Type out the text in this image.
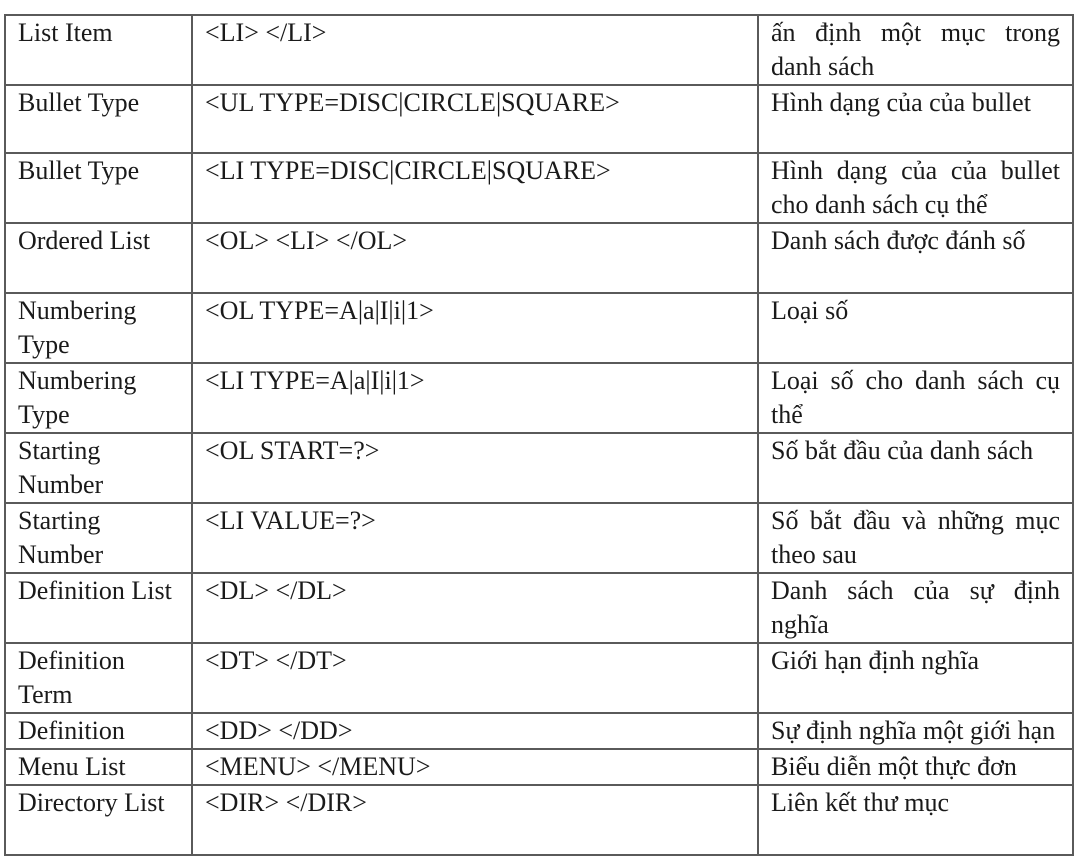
List Item	<LI> </LI>	ấn định một mục trong danh sách
Bullet Type	<UL TYPE=DISC|CIRCLE|SQUARE>	Hình dạng của của bullet
Bullet Type	<LI TYPE=DISC|CIRCLE|SQUARE>	Hình dạng của của bullet cho danh sách cụ thể
Ordered List	<OL> <LI> </OL>	Danh sách được đánh số
Numbering Type	<OL TYPE=A|a|I|i|1>	Loại số
Numbering Type	<LI TYPE=A|a|I|i|1>	Loại số cho danh sách cụ thể
Starting Number	<OL START=?>	Số bắt đầu của danh sách
Starting Number	<LI VALUE=?>	Số bắt đầu và những mục theo sau
Definition List	<DL> </DL>	Danh sách của sự định nghĩa
Definition Term	<DT> </DT>	Giới hạn định nghĩa
Definition	<DD> </DD>	Sự định nghĩa một giới hạn
Menu List	<MENU> </MENU>	Biểu diễn một thực đơn
Directory List	<DIR> </DIR>	Liên kết thư mục
